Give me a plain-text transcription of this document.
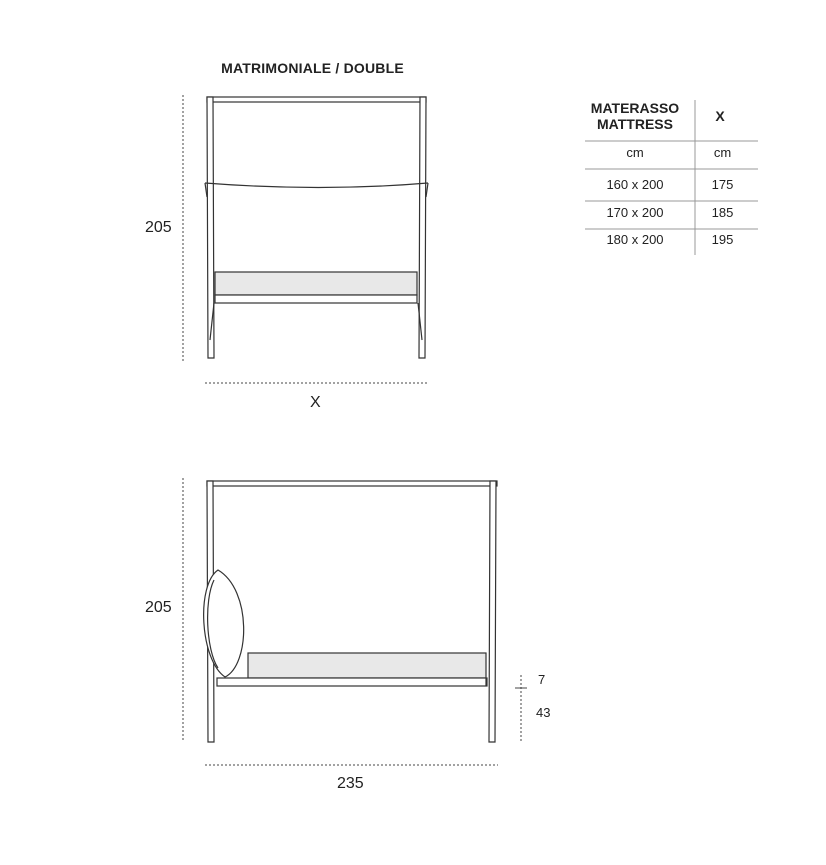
MATRIMONIALE / DOUBLE
205
X
205
235
7
43
MATERASSO
MATTRESS	X
cm	cm
160 x 200	175
170 x 200	185
180 x 200	195
